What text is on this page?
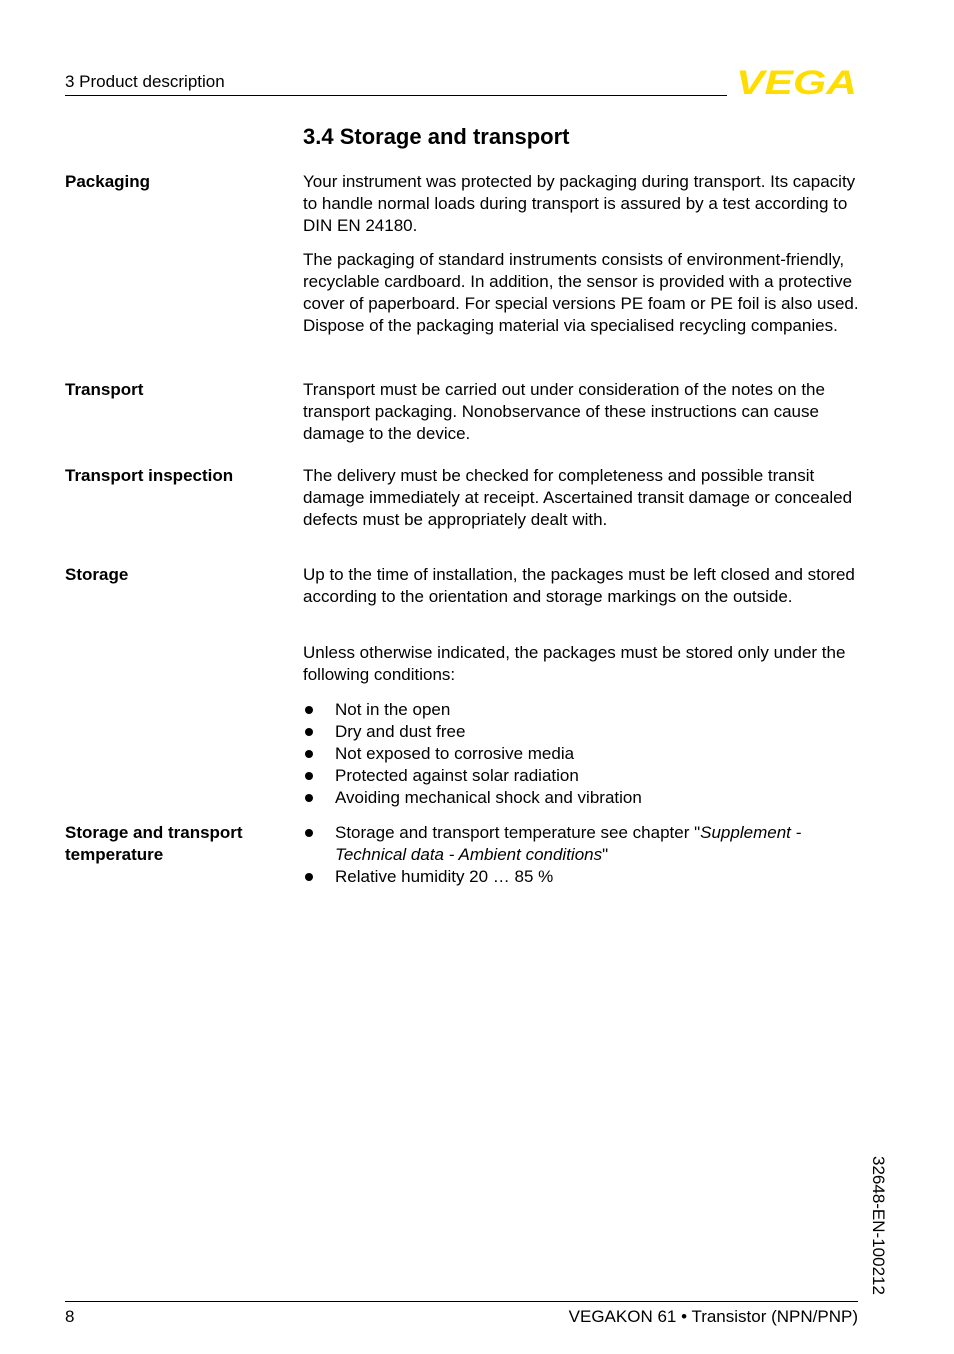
3 Product description	VEGA
3.4 Storage and transport
Packaging	Your instrument was protected by packaging during transport. Its capacity to handle normal loads during transport is assured by a test according to DIN EN 24180.
The packaging of standard instruments consists of environment-friendly, recyclable cardboard. In addition, the sensor is provided with a protective cover of paperboard. For special versions PE foam or PE foil is also used. Dispose of the packaging material via specialised recycling companies.
Transport	Transport must be carried out under consideration of the notes on the transport packaging. Nonobservance of these instructions can cause damage to the device.
Transport inspection	The delivery must be checked for completeness and possible transit damage immediately at receipt. Ascertained transit damage or concealed defects must be appropriately dealt with.
Storage	Up to the time of installation, the packages must be left closed and stored according to the orientation and storage markings on the outside.
Unless otherwise indicated, the packages must be stored only under the following conditions:
Not in the open
Dry and dust free
Not exposed to corrosive media
Protected against solar radiation
Avoiding mechanical shock and vibration
Storage and transport temperature
Storage and transport temperature see chapter "Supplement - Technical data - Ambient conditions"
Relative humidity 20 … 85 %
32648-EN-100212
8	VEGAKON 61 • Transistor (NPN/PNP)
